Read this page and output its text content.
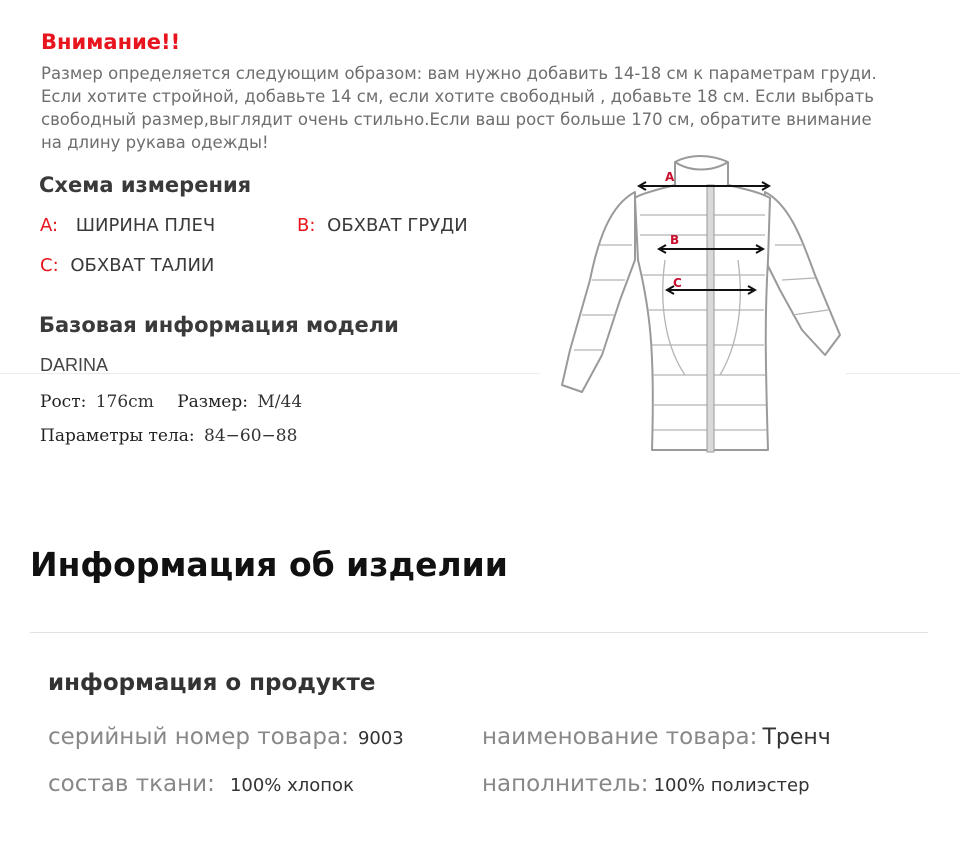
Внимание!!
Размер определяется следующим образом: вам нужно добавить 14-18 см к параметрам груди.
Если хотите стройной, добавьте 14 см, если хотите свободный , добавьте 18 см. Если выбрать
свободный размер,выглядит очень стильно.Если ваш рост больше 170 см, обратите внимание
на длину рукава одежды!
Схема измерения
A: ШИРИНА ПЛЕЧ	B: ОБХВАТ ГРУДИ
C: ОБХВАТ ТАЛИИ
Базовая информация модели
DARINA
Рост: 176cm Размер: M/44
Параметры тела: 84−60−88
A
B
C
Информация об изделии
информация о продукте
серийный номер товара: 9003	наименование товара: Тренч
состав ткани: 100% хлопок	наполнитель: 100% полиэстер
